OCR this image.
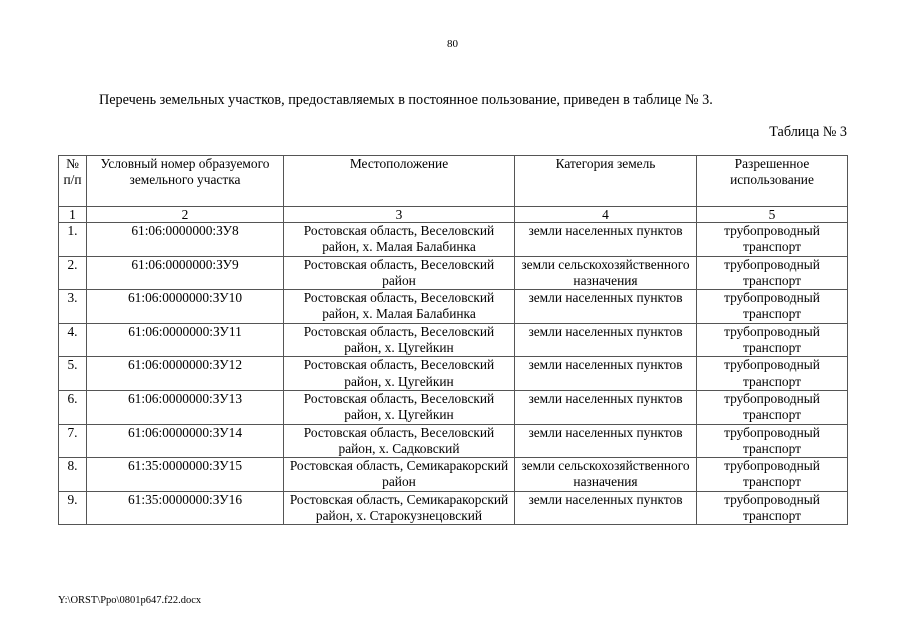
80
Перечень земельных участков, предоставляемых в постоянное пользование, приведен в таблице № 3.
Таблица № 3
№ п/п	Условный номер образуемого земельного участка	Местоположение	Категория земель	Разрешенное использование
1	2	3	4	5
1.	61:06:0000000:ЗУ8	Ростовская область, Веселовский район, х. Малая Балабинка	земли населенных пунктов	трубопроводный транспорт
2.	61:06:0000000:ЗУ9	Ростовская область, Веселовский район	земли сельскохозяйственного назначения	трубопроводный транспорт
3.	61:06:0000000:ЗУ10	Ростовская область, Веселовский район, х. Малая Балабинка	земли населенных пунктов	трубопроводный транспорт
4.	61:06:0000000:ЗУ11	Ростовская область, Веселовский район, х. Цугейкин	земли населенных пунктов	трубопроводный транспорт
5.	61:06:0000000:ЗУ12	Ростовская область, Веселовский район, х. Цугейкин	земли населенных пунктов	трубопроводный транспорт
6.	61:06:0000000:ЗУ13	Ростовская область, Веселовский район, х. Цугейкин	земли населенных пунктов	трубопроводный транспорт
7.	61:06:0000000:ЗУ14	Ростовская область, Веселовский район, х. Садковский	земли населенных пунктов	трубопроводный транспорт
8.	61:35:0000000:ЗУ15	Ростовская область, Семикаракорский район	земли сельскохозяйственного назначения	трубопроводный транспорт
9.	61:35:0000000:ЗУ16	Ростовская область, Семикаракорский район, х. Старокузнецовский	земли населенных пунктов	трубопроводный транспорт
Y:\ORST\Ppo\0801p647.f22.docx
